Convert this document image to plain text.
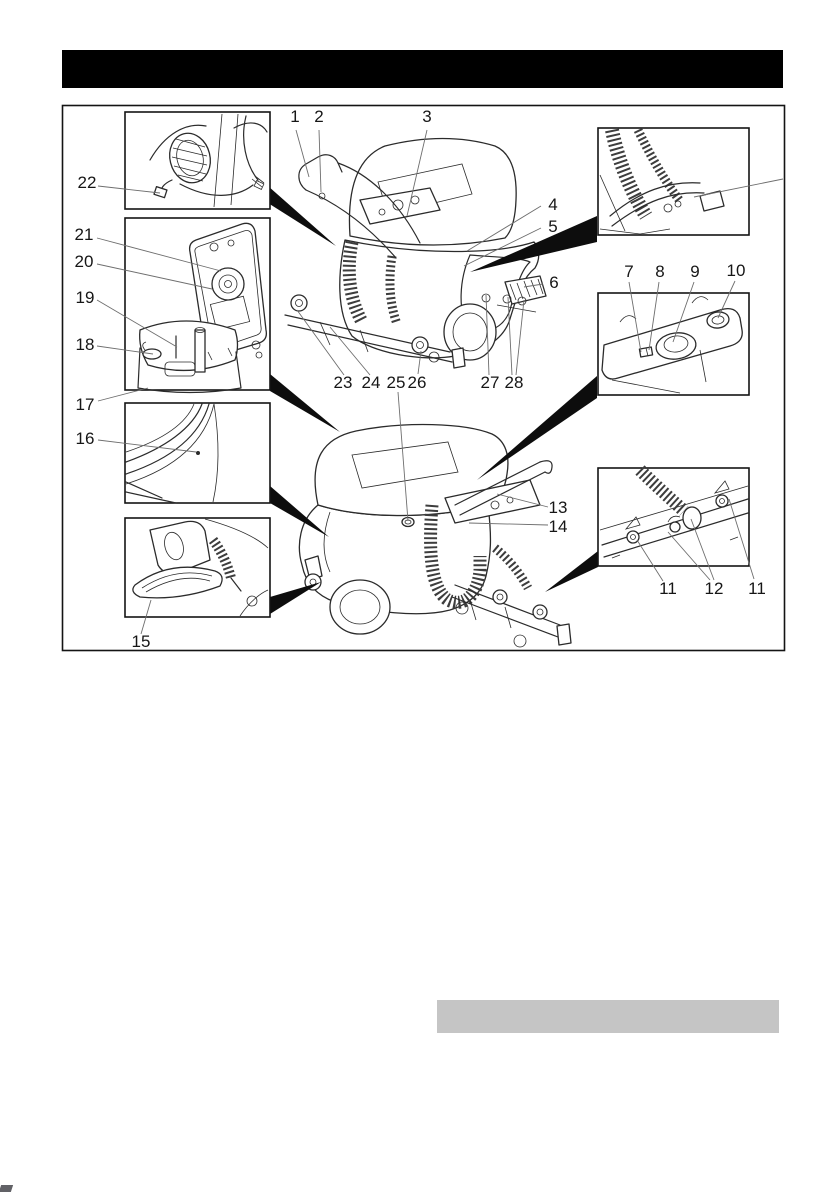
1 2	3
4
5
6
7 8 9 10
11 12 11
13
14
15
16
17
18
19
20
21
22
23 24 25 26	27 28
